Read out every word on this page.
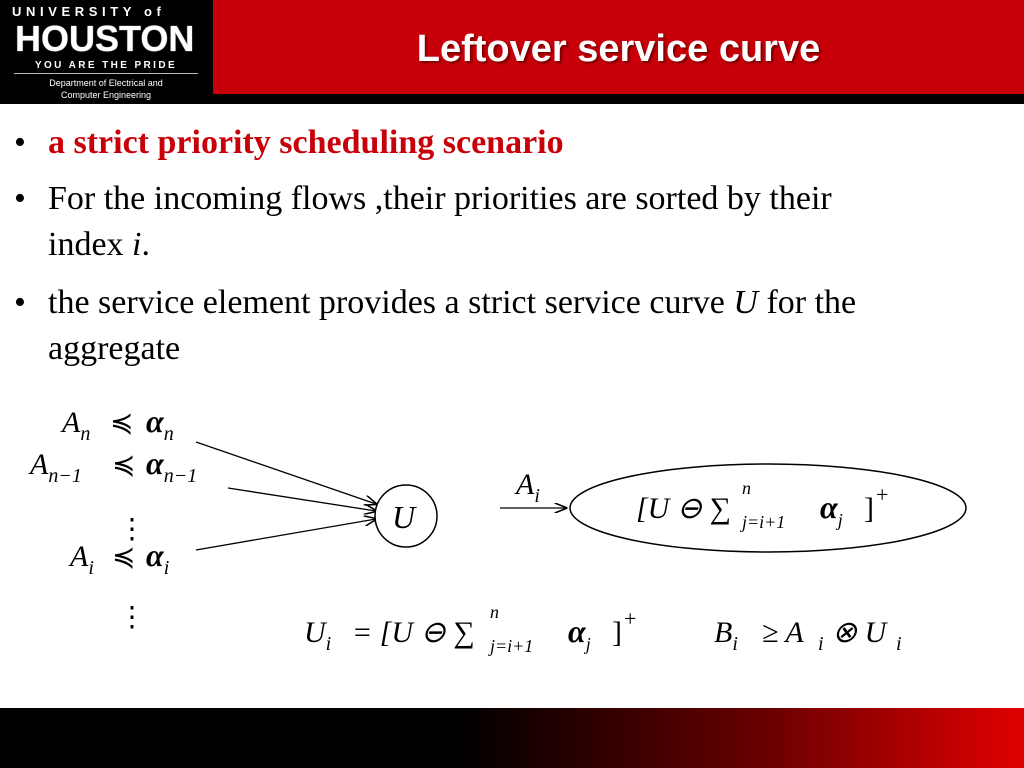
UNIVERSITY of
HOUSTON
YOU ARE THE PRIDE
Department of Electrical and
Computer Engineering
Leftover service curve
• a strict priority scheduling scenario
• For the incoming flows ,their priorities are sorted by their
index i.
• the service element provides a strict service curve U for the
aggregate
$A_n$ ≼ $\alpha_n$
$A_{n-1}$ ≼ $\alpha_{n-1}$
⋮
$A_i$ ≼ $\alpha_i$
⋮
U
$A_i$	[U ⊖ ∑
n
j=i+1 $\alpha_j$ ] +
$U_i = [U$ ⊖ ∑
n
j=i+1 $\alpha_j$ ] +	$B_i \ge A$ i ⊗ U i
